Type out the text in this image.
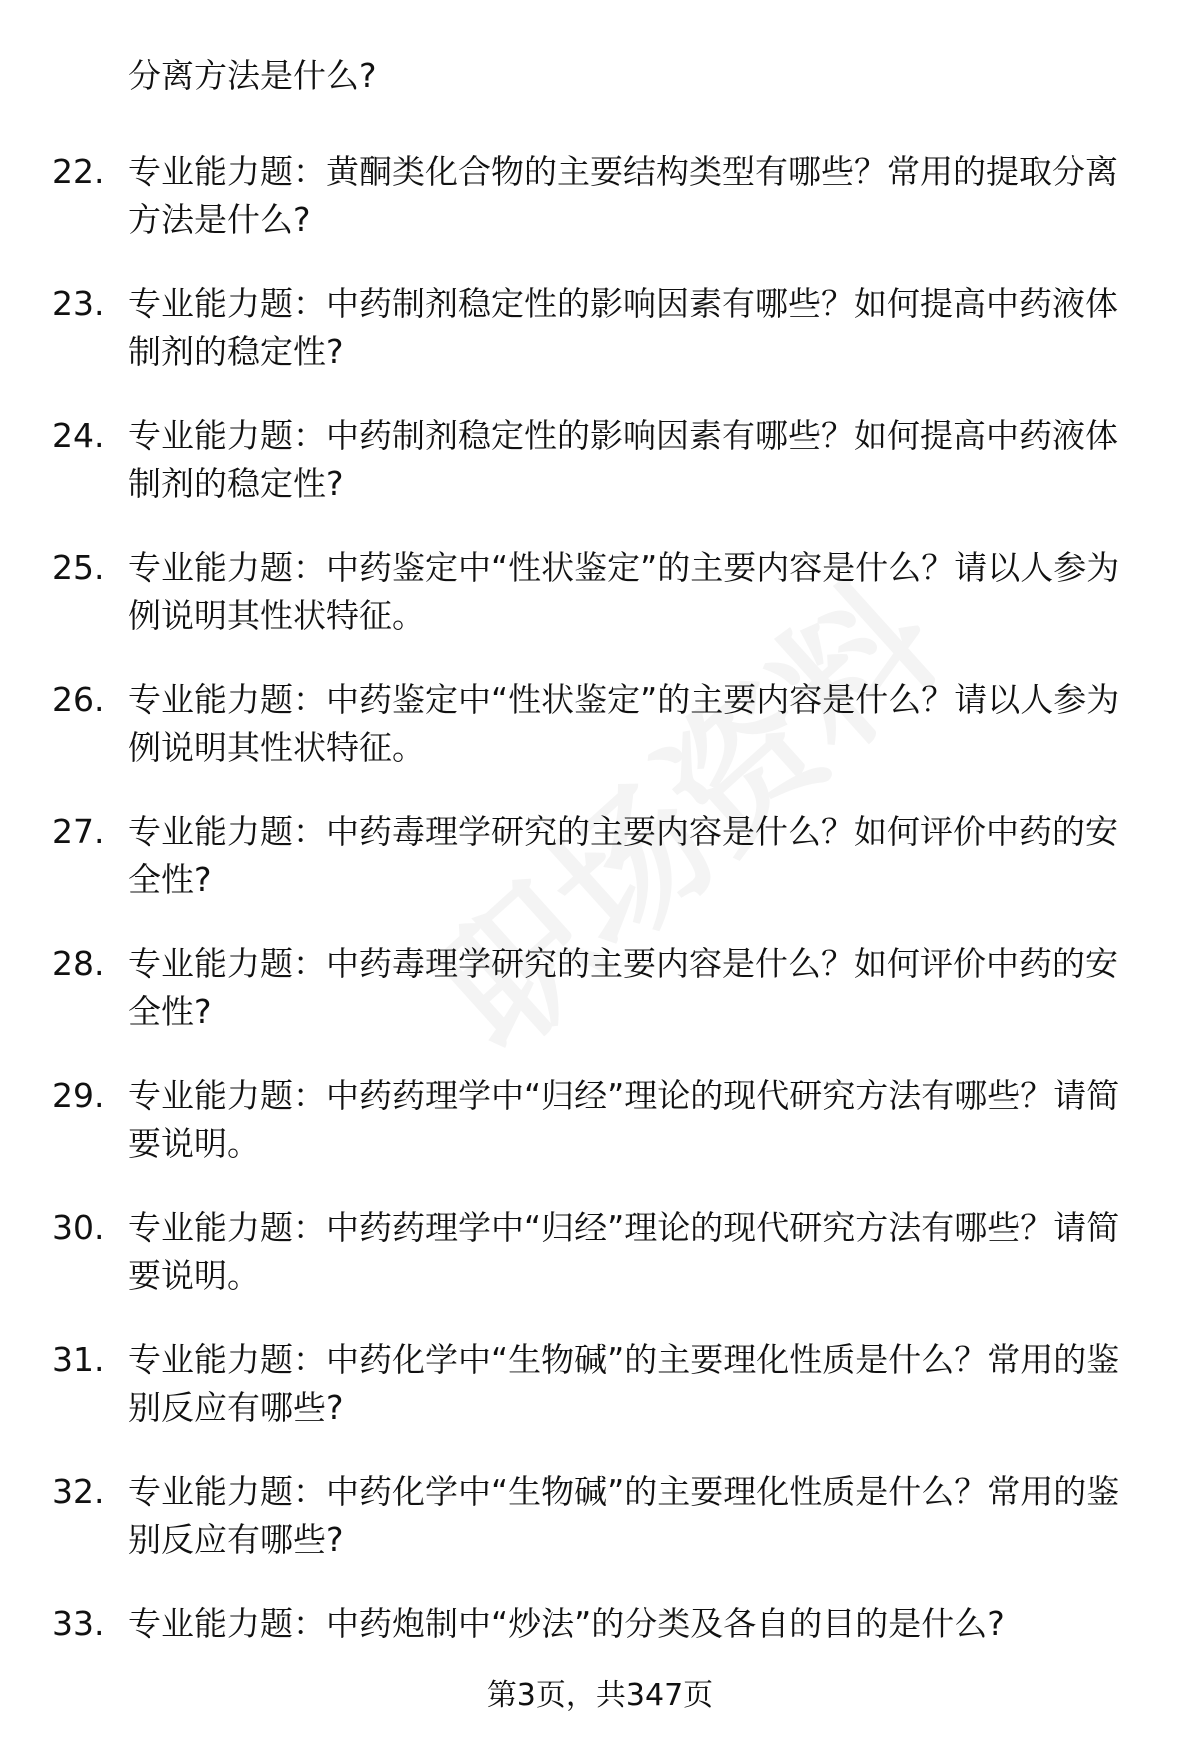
分离方法是什么?
22. 专业能力题：黄酮类化合物的主要结构类型有哪些？常用的提取分离方法是什么?
23. 专业能力题：中药制剂稳定性的影响因素有哪些？如何提高中药液体制剂的稳定性?
24. 专业能力题：中药制剂稳定性的影响因素有哪些？如何提高中药液体制剂的稳定性?
25. 专业能力题：中药鉴定中“性状鉴定”的主要内容是什么？请以人参为例说明其性状特征。
26. 专业能力题：中药鉴定中“性状鉴定”的主要内容是什么？请以人参为例说明其性状特征。
27. 专业能力题：中药毒理学研究的主要内容是什么？如何评价中药的安全性?
28. 专业能力题：中药毒理学研究的主要内容是什么？如何评价中药的安全性?
29. 专业能力题：中药药理学中“归经”理论的现代研究方法有哪些？请简要说明。
30. 专业能力题：中药药理学中“归经”理论的现代研究方法有哪些？请简要说明。
31. 专业能力题：中药化学中“生物碱”的主要理化性质是什么？常用的鉴别反应有哪些?
32. 专业能力题：中药化学中“生物碱”的主要理化性质是什么？常用的鉴别反应有哪些?
33. 专业能力题：中药炮制中“炒法”的分类及各自的目的是什么?
第3页，共347页
